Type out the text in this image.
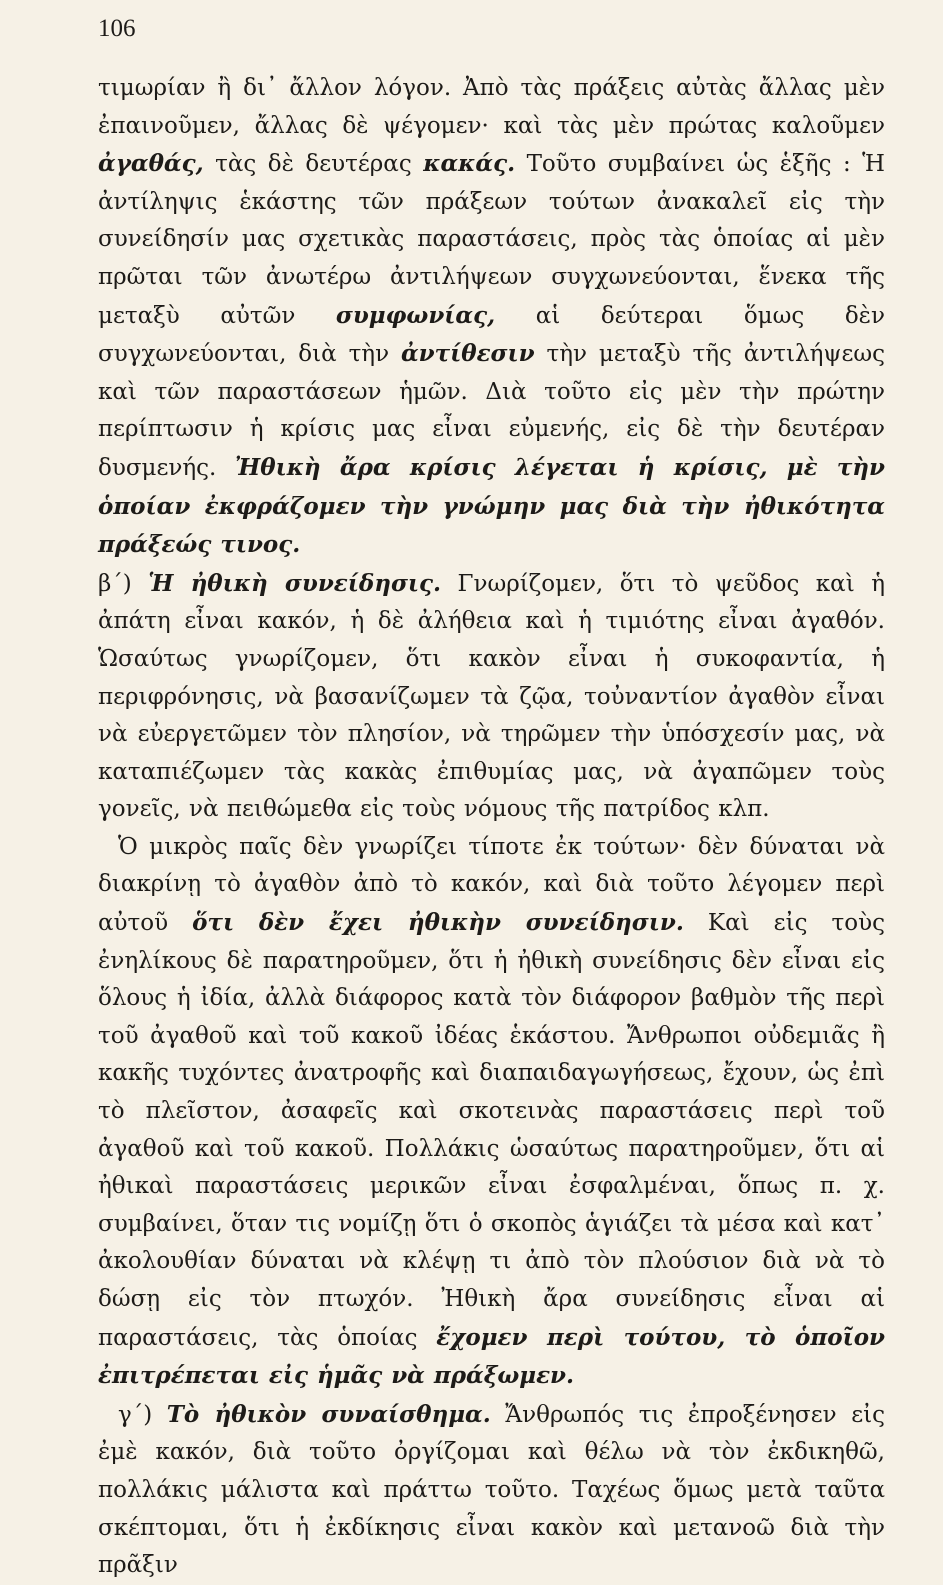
106

τιμωρίαν ἢ δι᾽ ἄλλον λόγον. Ἀπὸ τὰς πράξεις αὐτὰς ἄλλας μὲν ἐπαινοῦμεν, ἄλλας δὲ ψέγομεν· καὶ τὰς μὲν πρώτας καλοῦμεν ἀγαθάς, τὰς δὲ δευτέρας κακάς. Τοῦτο συμβαίνει ὡς ἑξῆς : Ἡ ἀντίληψις ἑκάστης τῶν πράξεων τούτων ἀνακαλεῖ εἰς τὴν συνείδησίν μας σχετικὰς παραστάσεις, πρὸς τὰς ὁποίας αἱ μὲν πρῶται τῶν ἀνωτέρω ἀντιλήψεων συγχωνεύονται, ἕνεκα τῆς μεταξὺ αὐτῶν συμφωνίας, αἱ δεύτεραι ὅμως δὲν συγχωνεύονται, διὰ τὴν ἀντίθεσιν τὴν μεταξὺ τῆς ἀντιλήψεως καὶ τῶν παραστάσεων ἡμῶν. Διὰ τοῦτο εἰς μὲν τὴν πρώτην περίπτωσιν ἡ κρίσις μας εἶναι εὐμενής, εἰς δὲ τὴν δευτέραν δυσμενής. Ἠθικὴ ἄρα κρίσις λέγεται ἡ κρίσις, μὲ τὴν ὁποίαν ἐκφράζομεν τὴν γνώμην μας διὰ τὴν ἠθικότητα πράξεώς τινος.

β΄) Ἡ ἠθικὴ συνείδησις. Γνωρίζομεν, ὅτι τὸ ψεῦδος καὶ ἡ ἀπάτη εἶναι κακόν, ἡ δὲ ἀλήθεια καὶ ἡ τιμιότης εἶναι ἀγαθόν. Ὡσαύτως γνωρίζομεν, ὅτι κακὸν εἶναι ἡ συκοφαντία, ἡ περιφρόνησις, νὰ βασανίζωμεν τὰ ζῷα, τοὐναντίον ἀγαθὸν εἶναι νὰ εὐεργετῶμεν τὸν πλησίον, νὰ τηρῶμεν τὴν ὑπόσχεσίν μας, νὰ καταπιέζωμεν τὰς κακὰς ἐπιθυμίας μας, νὰ ἀγαπῶμεν τοὺς γονεῖς, νὰ πειθώμεθα εἰς τοὺς νόμους τῆς πατρίδος κλπ.

Ὁ μικρὸς παῖς δὲν γνωρίζει τίποτε ἐκ τούτων· δὲν δύναται νὰ διακρίνῃ τὸ ἀγαθὸν ἀπὸ τὸ κακόν, καὶ διὰ τοῦτο λέγομεν περὶ αὐτοῦ ὅτι δὲν ἔχει ἠθικὴν συνείδησιν. Καὶ εἰς τοὺς ἐνηλίκους δὲ παρατηροῦμεν, ὅτι ἡ ἠθικὴ συνείδησις δὲν εἶναι εἰς ὅλους ἡ ἰδία, ἀλλὰ διάφορος κατὰ τὸν διάφορον βαθμὸν τῆς περὶ τοῦ ἀγαθοῦ καὶ τοῦ κακοῦ ἰδέας ἑκάστου. Ἄνθρωποι οὐδεμιᾶς ἢ κακῆς τυχόντες ἀνατροφῆς καὶ διαπαιδαγωγήσεως, ἔχουν, ὡς ἐπὶ τὸ πλεῖστον, ἀσαφεῖς καὶ σκοτεινὰς παραστάσεις περὶ τοῦ ἀγαθοῦ καὶ τοῦ κακοῦ. Πολλάκις ὡσαύτως παρατηροῦμεν, ὅτι αἱ ἠθικαὶ παραστάσεις μερικῶν εἶναι ἐσφαλμέναι, ὅπως π. χ. συμβαίνει, ὅταν τις νομίζῃ ὅτι ὁ σκοπὸς ἁγιάζει τὰ μέσα καὶ κατ᾽ ἀκολουθίαν δύναται νὰ κλέψῃ τι ἀπὸ τὸν πλούσιον διὰ νὰ τὸ δώσῃ εἰς τὸν πτωχόν. Ἠθικὴ ἄρα συνείδησις εἶναι αἱ παραστάσεις, τὰς ὁποίας ἔχομεν περὶ τούτου, τὸ ὁποῖον ἐπιτρέπεται εἰς ἡμᾶς νὰ πράξωμεν.

γ΄) Τὸ ἠθικὸν συναίσθημα. Ἄνθρωπός τις ἐπροξένησεν εἰς ἐμὲ κακόν, διὰ τοῦτο ὀργίζομαι καὶ θέλω νὰ τὸν ἐκδικηθῶ, πολλάκις μάλιστα καὶ πράττω τοῦτο. Ταχέως ὅμως μετὰ ταῦτα σκέπτομαι, ὅτι ἡ ἐκδίκησις εἶναι κακὸν καὶ μετανοῶ διὰ τὴν πρᾶξιν
